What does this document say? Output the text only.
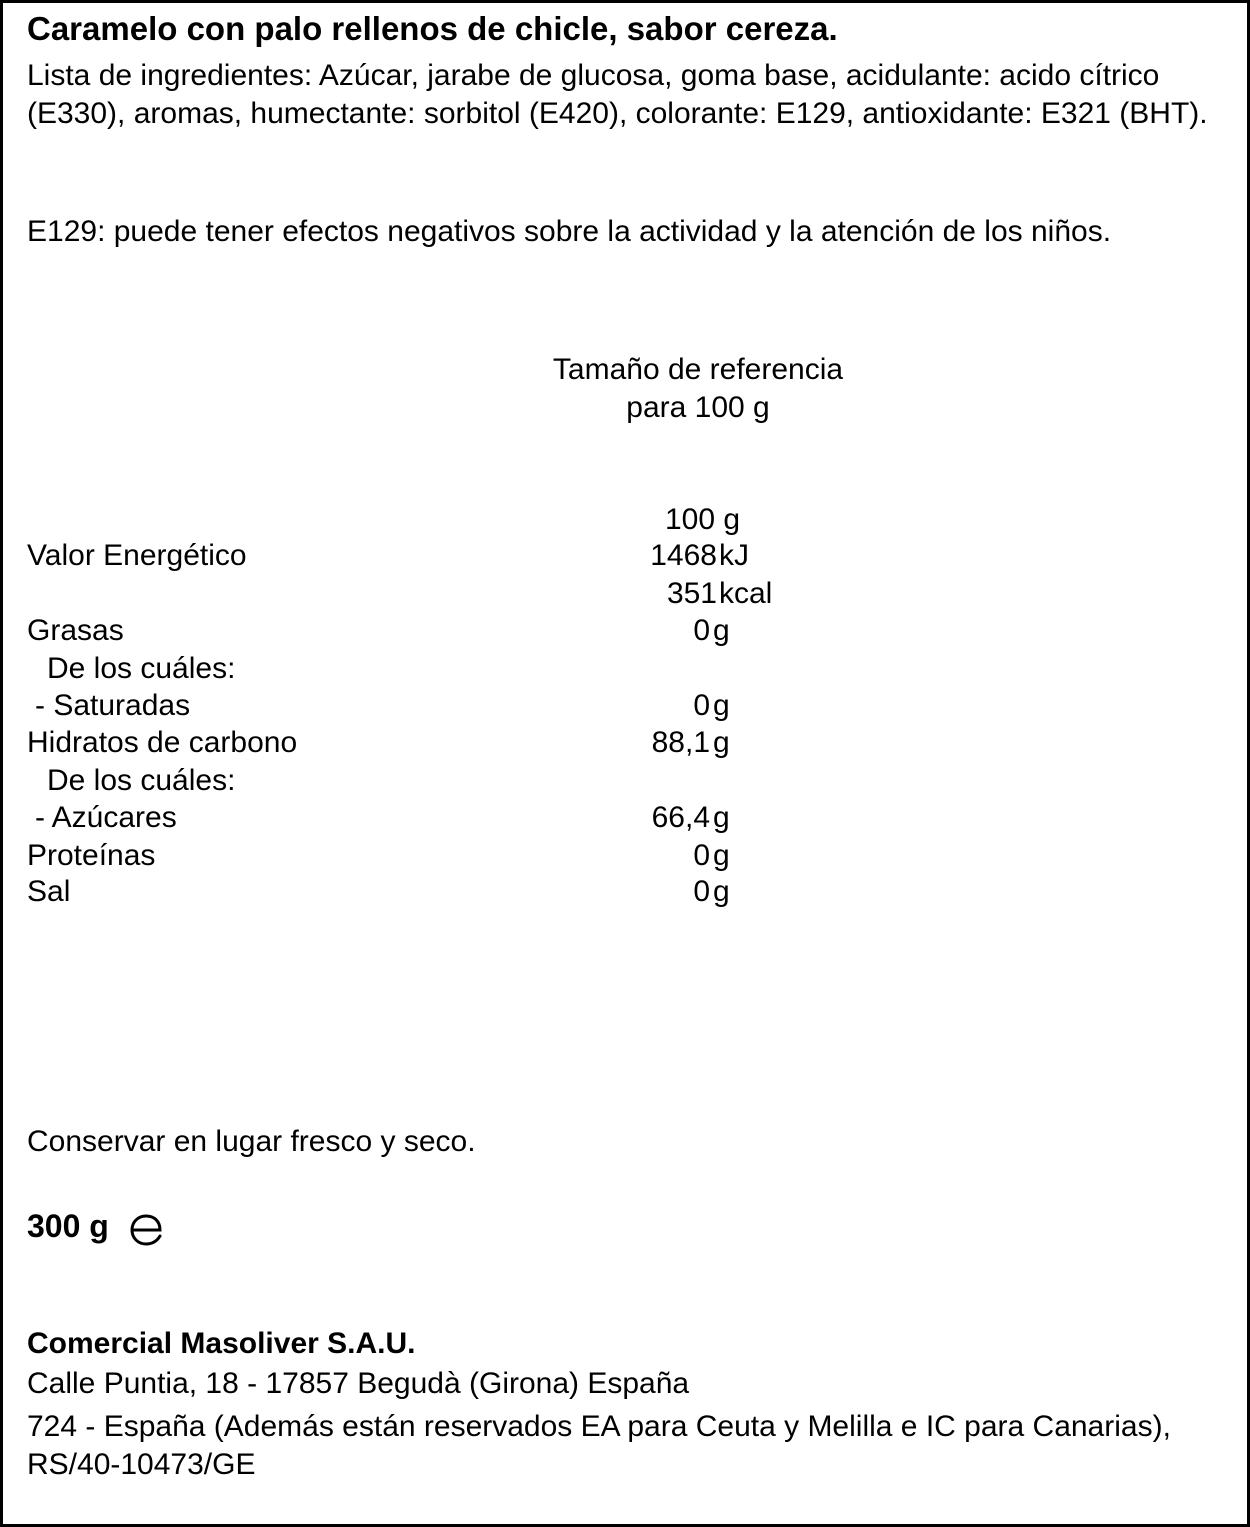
Caramelo con palo rellenos de chicle, sabor cereza.
Lista de ingredientes: Azúcar, jarabe de glucosa, goma base, acidulante: acido cítrico (E330), aromas, humectante: sorbitol (E420), colorante: E129, antioxidante: E321 (BHT).
E129: puede tener efectos negativos sobre la actividad y la atención de los niños.
Tamaño de referencia
para 100 g
100 g
Valor Energético	1468 kJ
351 kcal
Grasas	0 g
De los cuáles:
- Saturadas	0 g
Hidratos de carbono	88,1 g
De los cuáles:
- Azúcares	66,4 g
Proteínas	0 g
Sal	0 g
Conservar en lugar fresco y seco.
300 g
Comercial Masoliver S.A.U.
Calle Puntia, 18 - 17857 Begudà (Girona) España
724 - España (Además están reservados EA para Ceuta y Melilla e IC para Canarias), RS/40-10473/GE
